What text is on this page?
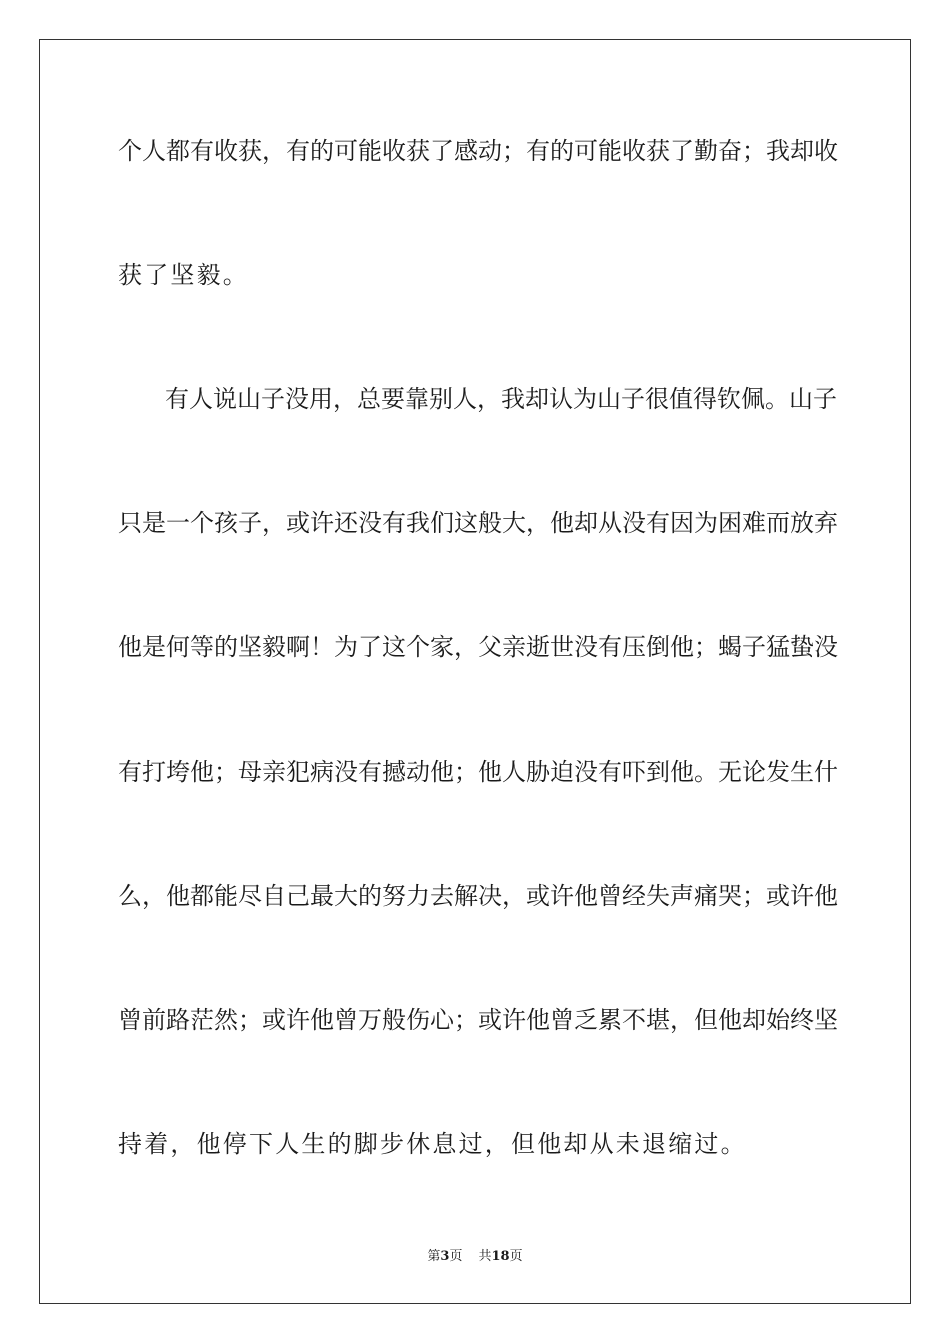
个人都有收获，有的可能收获了感动；有的可能收获了勤奋；我却收
获了坚毅。
有人说山子没用，总要靠别人，我却认为山子很值得钦佩。山子
只是一个孩子，或许还没有我们这般大，他却从没有因为困难而放弃
他是何等的坚毅啊！为了这个家，父亲逝世没有压倒他；蝎子猛蛰没
有打垮他；母亲犯病没有撼动他；他人胁迫没有吓到他。无论发生什
么，他都能尽自己最大的努力去解决，或许他曾经失声痛哭；或许他
曾前路茫然；或许他曾万般伤心；或许他曾乏累不堪，但他却始终坚
持着，他停下人生的脚步休息过，但他却从未退缩过。
第3页 共18页
